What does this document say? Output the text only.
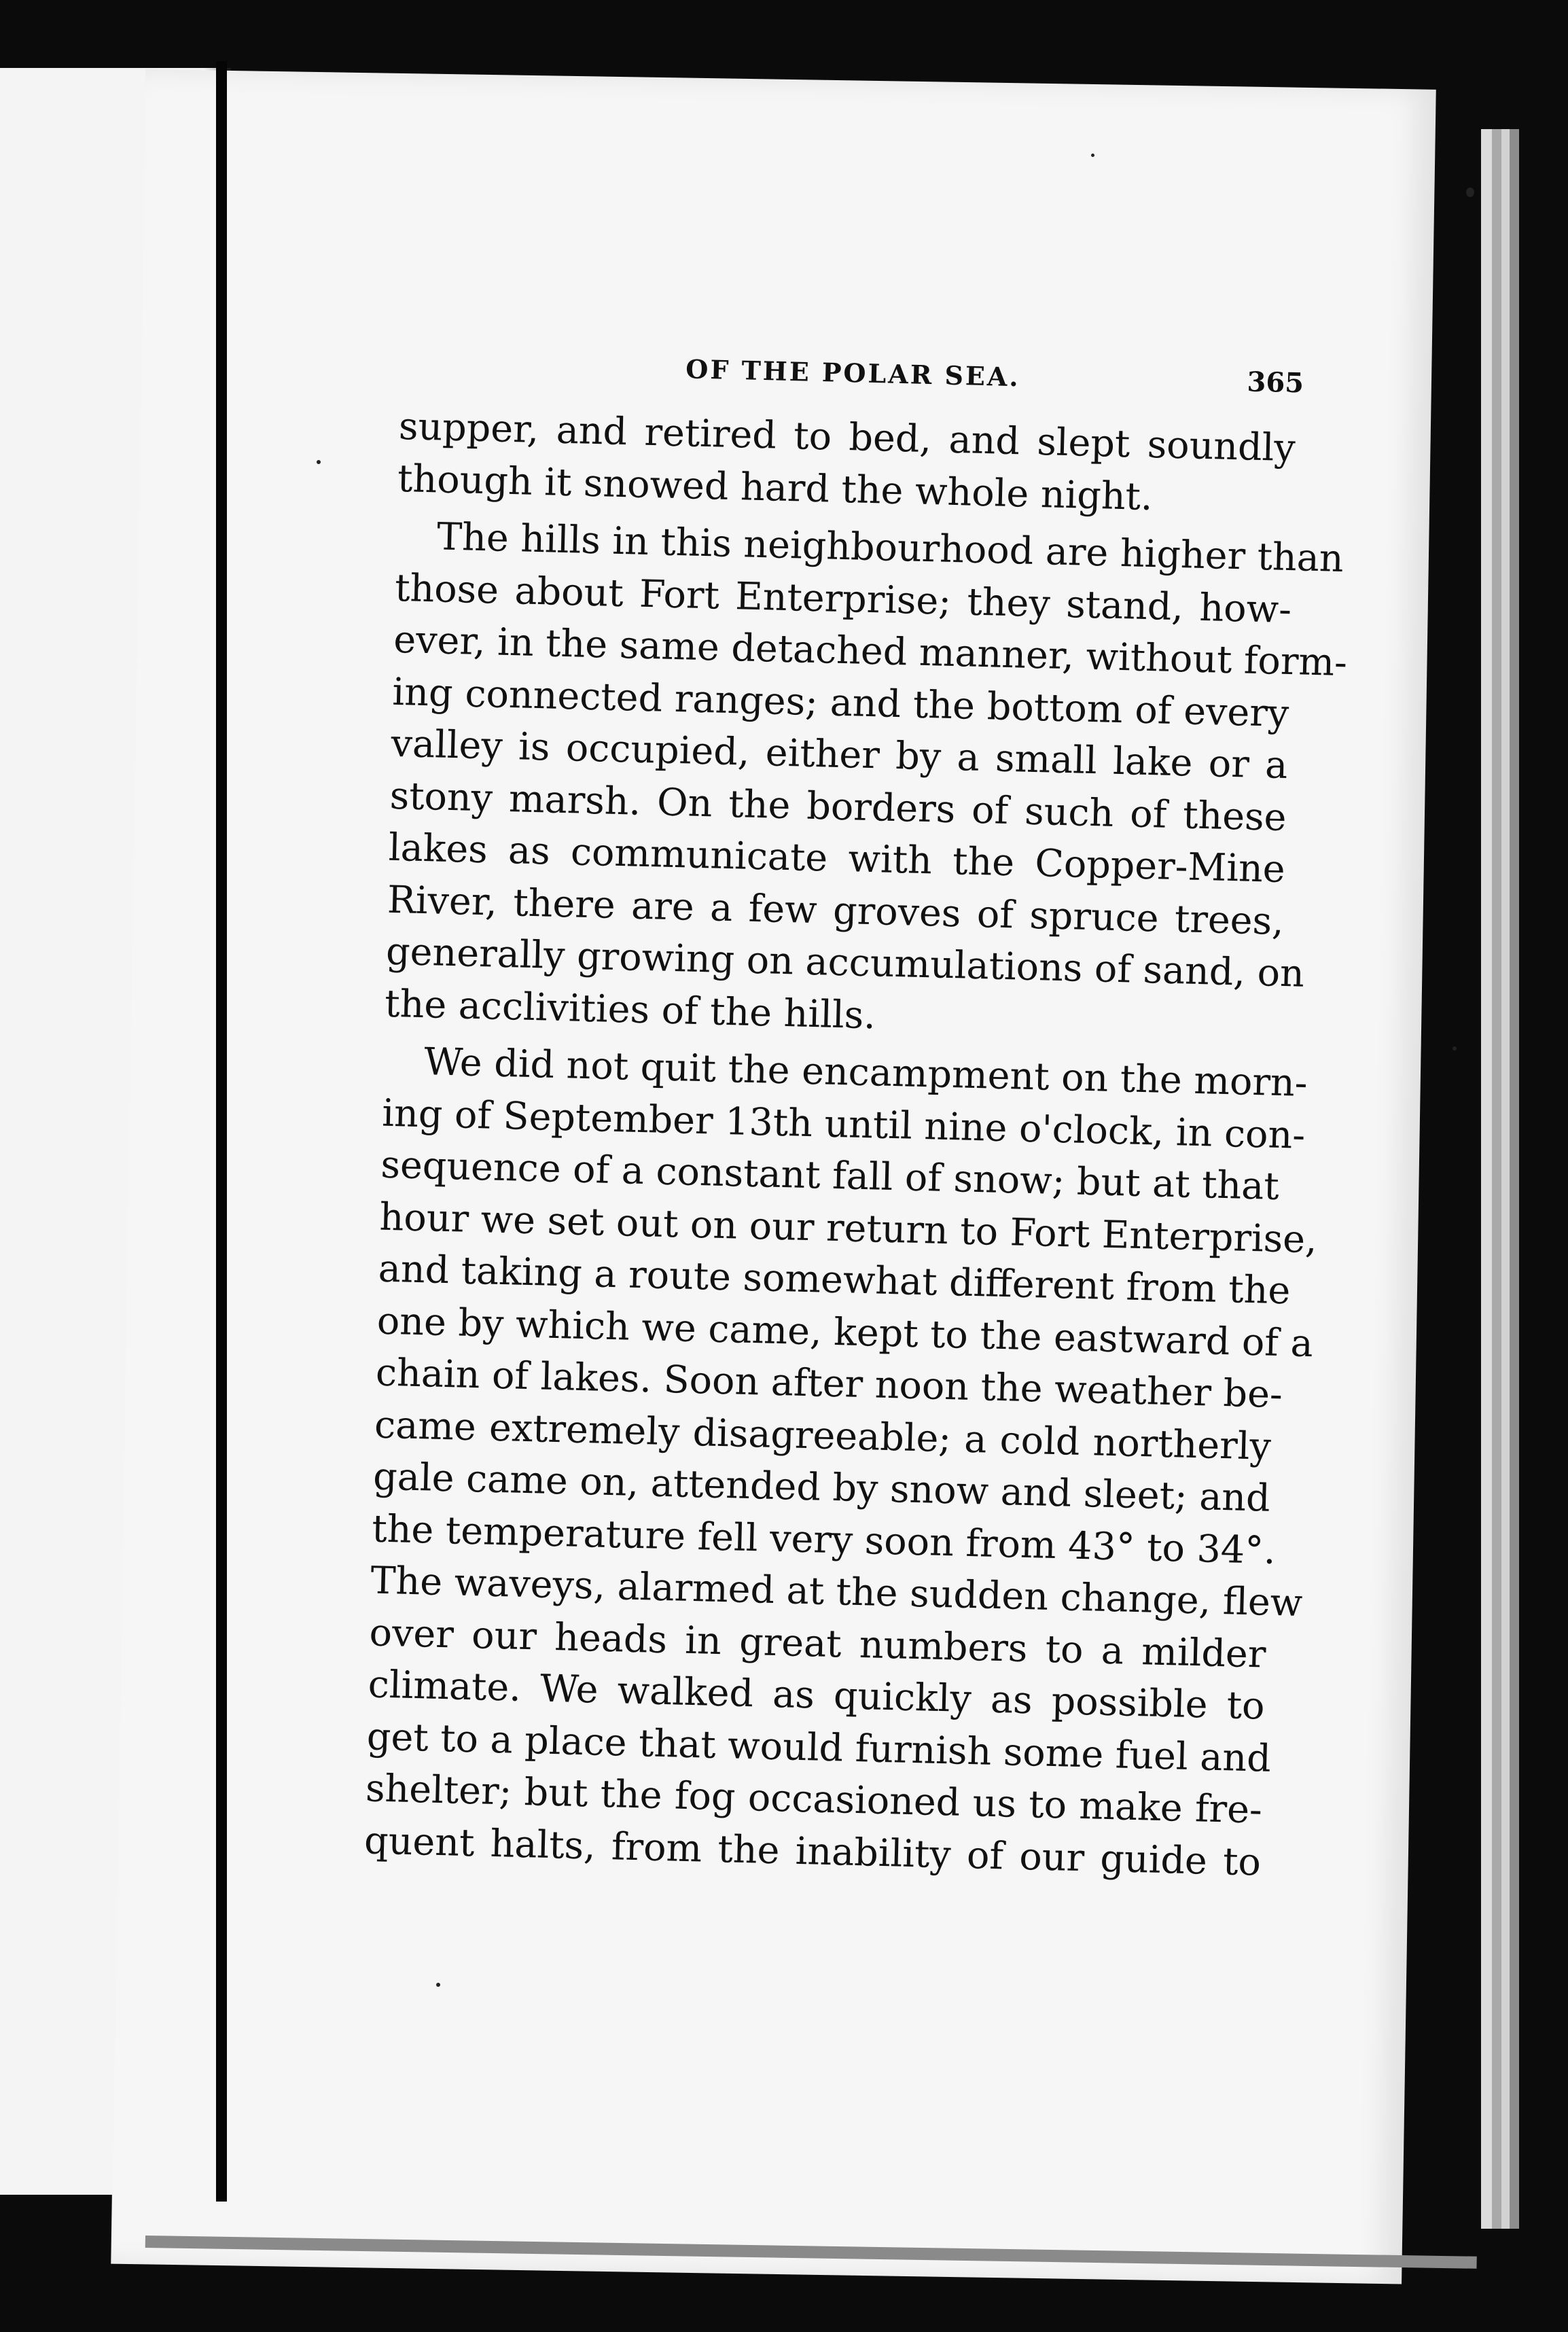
OF THE POLAR SEA.	365

supper, and retired to bed, and slept soundly
though it snowed hard the whole night.

The hills in this neighbourhood are higher than
those about Fort Enterprise; they stand, how-
ever, in the same detached manner, without form-
ing connected ranges; and the bottom of every
valley is occupied, either by a small lake or a
stony marsh. On the borders of such of these
lakes as communicate with the Copper-Mine
River, there are a few groves of spruce trees,
generally growing on accumulations of sand, on
the acclivities of the hills.

We did not quit the encampment on the morn-
ing of September 13th until nine o'clock, in con-
sequence of a constant fall of snow; but at that
hour we set out on our return to Fort Enterprise,
and taking a route somewhat different from the
one by which we came, kept to the eastward of a
chain of lakes. Soon after noon the weather be-
came extremely disagreeable; a cold northerly
gale came on, attended by snow and sleet; and
the temperature fell very soon from 43° to 34°.
The waveys, alarmed at the sudden change, flew
over our heads in great numbers to a milder
climate. We walked as quickly as possible to
get to a place that would furnish some fuel and
shelter; but the fog occasioned us to make fre-
quent halts, from the inability of our guide to
